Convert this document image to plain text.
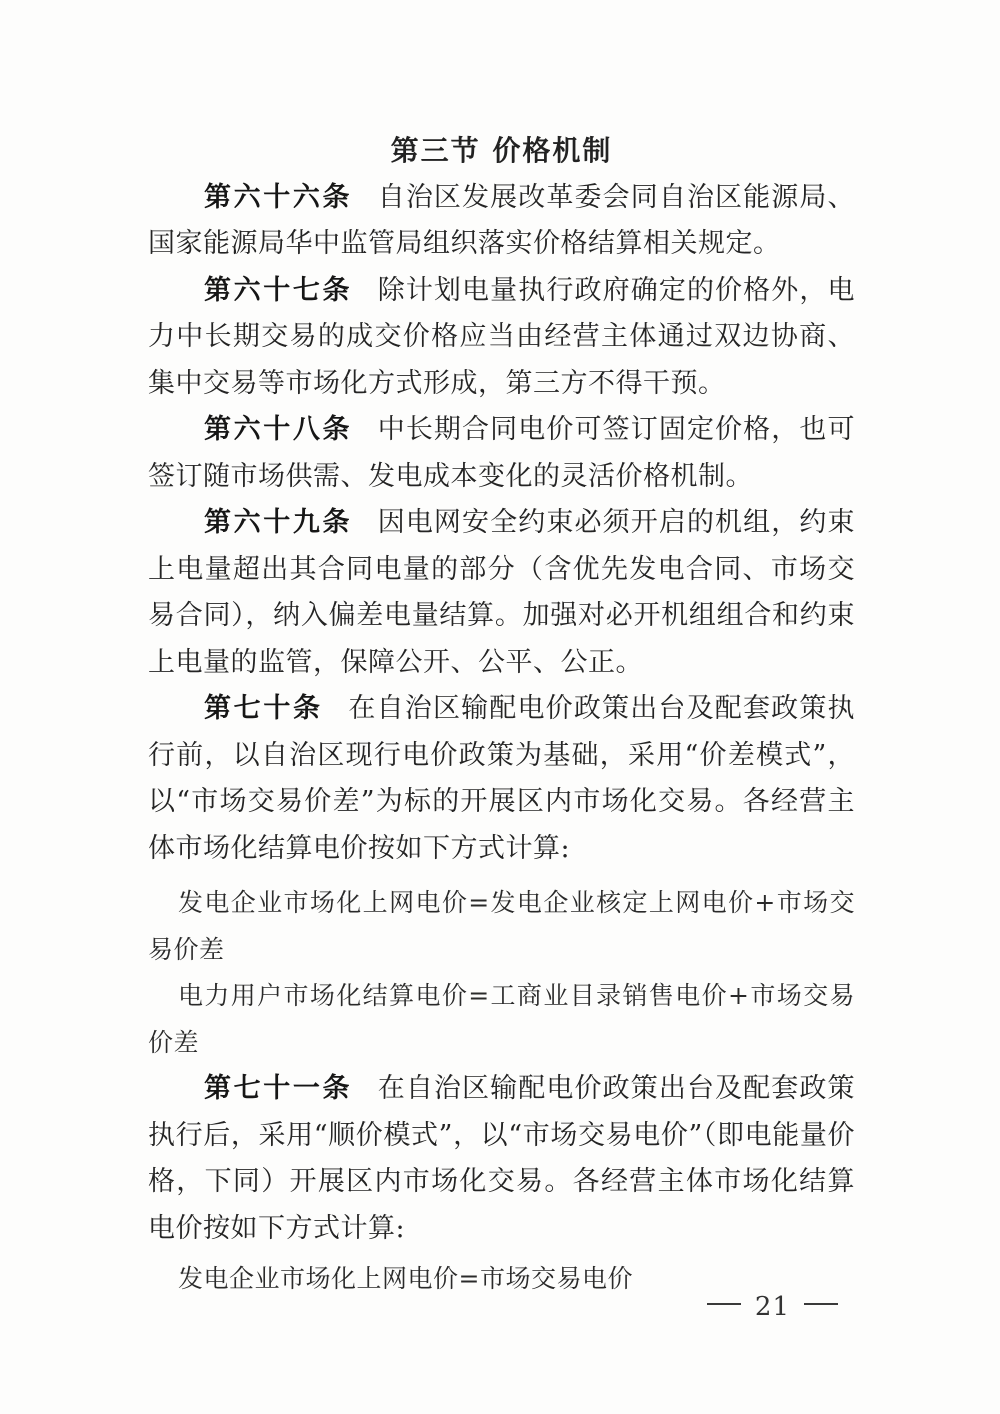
第三节 价格机制

第六十六条 自治区发展改革委会同自治区能源局、国家能源局华中监管局组织落实价格结算相关规定。

第六十七条 除计划电量执行政府确定的价格外，电力中长期交易的成交价格应当由经营主体通过双边协商、集中交易等市场化方式形成，第三方不得干预。

第六十八条 中长期合同电价可签订固定价格，也可签订随市场供需、发电成本变化的灵活价格机制。

第六十九条 因电网安全约束必须开启的机组，约束上电量超出其合同电量的部分（含优先发电合同、市场交易合同），纳入偏差电量结算。加强对必开机组组合和约束上电量的监管，保障公开、公平、公正。

第七十条 在自治区输配电价政策出台及配套政策执行前，以自治区现行电价政策为基础，采用“价差模式”，以“市场交易价差”为标的开展区内市场化交易。各经营主体市场化结算电价按如下方式计算:

发电企业市场化上网电价=发电企业核定上网电价+市场交易价差

电力用户市场化结算电价=工商业目录销售电价+市场交易价差

第七十一条 在自治区输配电价政策出台及配套政策执行后，采用“顺价模式”，以“市场交易电价”（即电能量价格，下同）开展区内市场化交易。各经营主体市场化结算电价按如下方式计算:

发电企业市场化上网电价=市场交易电价

21
